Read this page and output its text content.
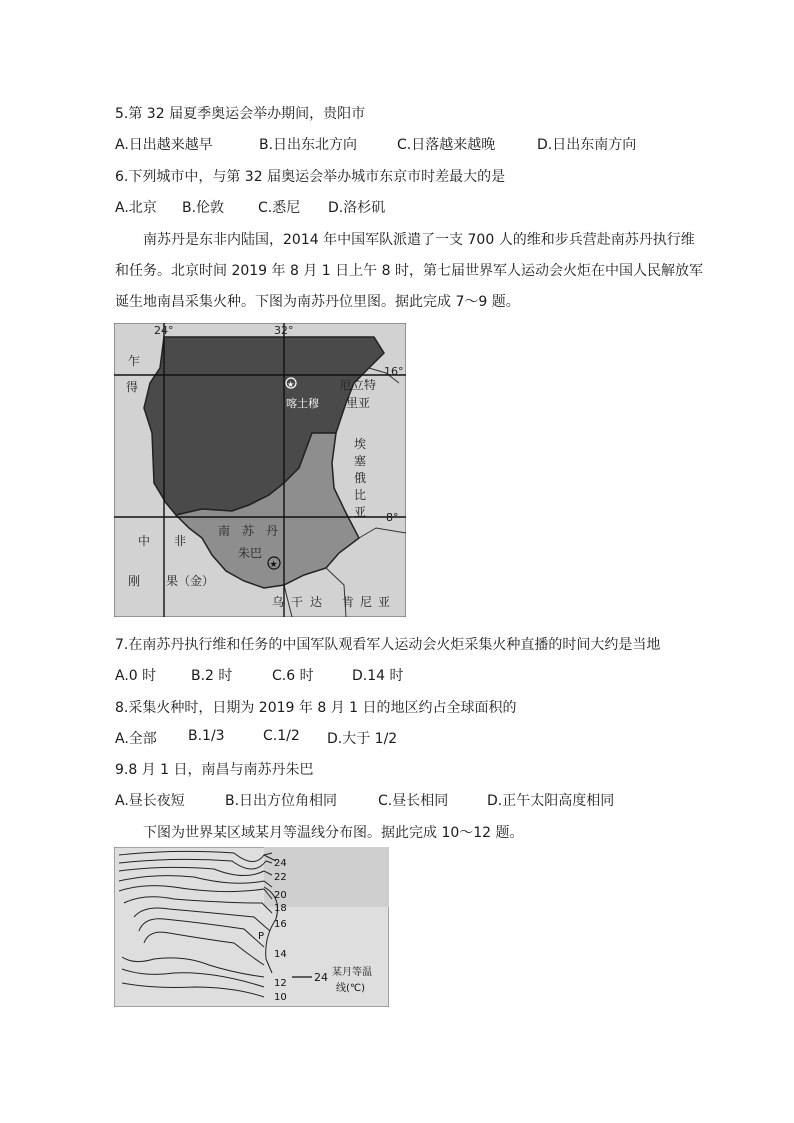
5.第 32 届夏季奥运会举办期间，贵阳市
A.日出越来越早	B.日出东北方向	C.日落越来越晚	D.日出东南方向
6.下列城市中，与第 32 届奥运会举办城市东京市时差最大的是
A.北京 B.伦敦 C.悉尼 D.洛杉矶
南苏丹是东非内陆国，2014 年中国军队派遣了一支 700 人的维和步兵营赴南苏丹执行维
和任务。北京时间 2019 年 8 月 1 日上午 8 时，第七届世界军人运动会火炬在中国人民解放军
诞生地南昌采集火种。下图为南苏丹位里图。据此完成 7～9 题。
24°	32°
16°
8°
乍
得	★
喀土穆
厄立特
里亚
埃
塞
俄
比
亚
中 非
南 苏 丹
朱巴
★
刚 果（金）
乌 干 达 肯 尼 亚
7.在南苏丹执行维和任务的中国军队观看军人运动会火炬采集火种直播的时间大约是当地
A.0 时 B.2 时	C.6 时	D.14 时
8.采集火种时，日期为 2019 年 8 月 1 日的地区约占全球面积的
A.全部 B.1/3	C.1/2 D.大于 1/2
9.8 月 1 日，南昌与南苏丹朱巴
A.昼长夜短	B.日出方位角相同	C.昼长相同	D.正午太阳高度相同
下图为世界某区域某月等温线分布图。据此完成 10～12 题。
P
24
22
20
18
16
14
12
10
24 某月等温
线(℃)
